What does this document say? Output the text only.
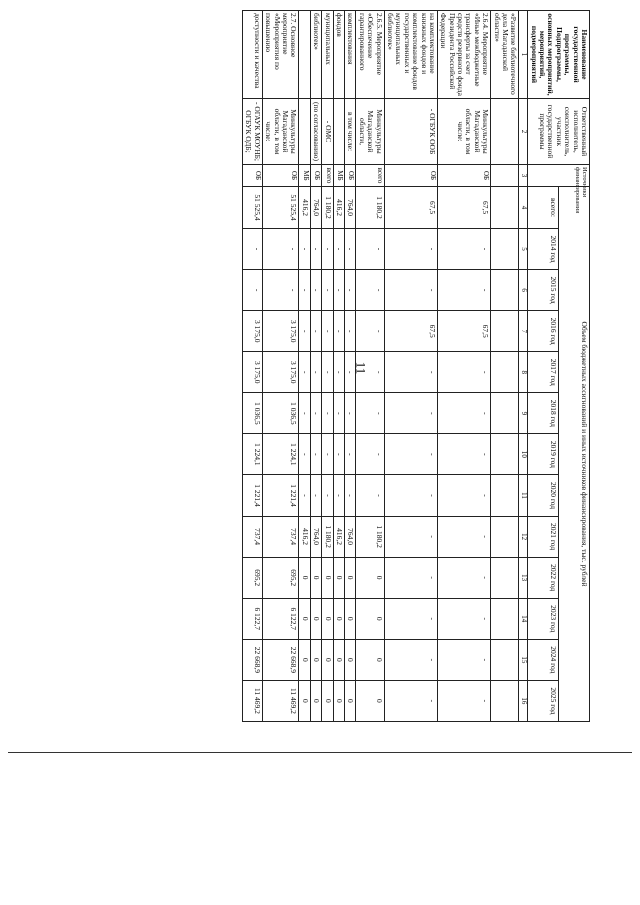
11
Наименование государственной программы, Подпрограммы, основных мероприятий, мероприятий, подмероприятий	Ответственный исполнитель, соисполнитель, участник государственной программы	Источники финансирования	Объем бюджетных ассигнований и иных источников финансирования, тыс. рублей												
			всего:	2014 год	2015 год	2016 год	2017 год	2018 год	2019 год	2020 год	2021 год	2022 год	2023 год	2024 год	2025 год
1	2	3	4	5	6	7	8	9	10	11	12	13	14	15	16
«Развитие библиотечного дела Магаданской области»															
2.6.4. Мероприятие «Иные межбюджетные трансферты за счет средств резервного фонда Президента Российской Федерации	Минкультуры Магаданской области, в том числе:	ОБ	67,5	-	-	67,5	-	-	-	-	-	-	-	-	-
на комплектование книжных фондов и комплектование фондов государственных и муниципальных библиотек»	- ОГБУК ООБ	ОБ	67,5	-	-	67,5	-	-	-	-	-	-	-	-	-
2.6.5. Мероприятие «Обеспечение гарантированного	Минкультуры Магаданской области,	всего	1 180,2	-	-	-	-	-	-	-	1 180,2	0	0	0	0
комплектования	в том числе:	ОБ	764,0	-	-	-	-	-	-	-	764,0	0	0	0	0
фондов		МБ	416,2	-	-	-	-	-	-	-	416,2	0	0	0	0
муниципальных	- ОМС	всего	1 180,2	-	-	-	-	-	-	-	1 180,2	0	0	0	0
библиотек»	(по согласованию)	ОБ	764,0	-	-	-	-	-	-	-	764,0	0	0	0	0
		МБ	416,2	-	-	-	-	-	-	-	416,2	0	0	0	0
2.7. Основное мероприятие «Мероприятия по повышению	Минкультуры Магаданской области, в том числе:	ОБ	51 525,4	-	-	3 175,0	3 175,0	1 036,5	1 224,1	1 221,4	737,4	695,2	6 122,7	22 668,9	11 469,2
доступности и качества	- ОГАУК МОУНБ; ОГБУК ОДБ;	ОБ	51 525,4	-	-	3 175,0	3 175,0	1 036,5	1 224,1	1 221,4	737,4	695,2	6 122,7	22 668,9	11 469,2
